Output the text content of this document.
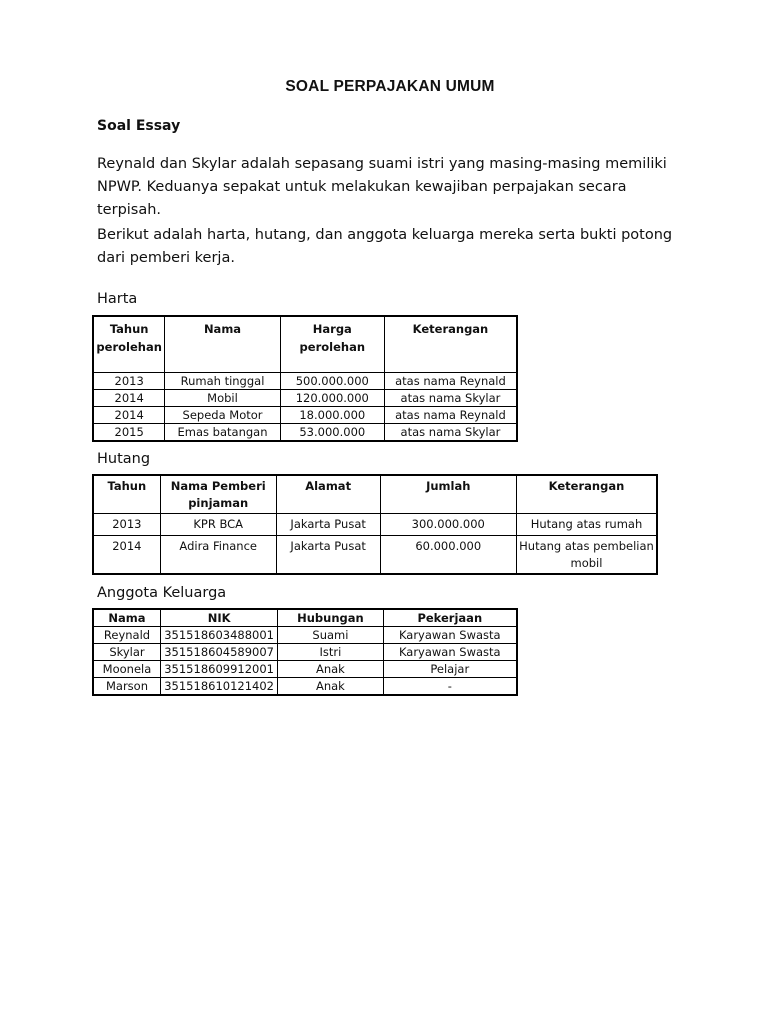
SOAL PERPAJAKAN UMUM
Soal Essay

Reynald dan Skylar adalah sepasang suami istri yang masing-masing memiliki NPWP. Keduanya sepakat untuk melakukan kewajiban perpajakan secara terpisah.

Berikut adalah harta, hutang, dan anggota keluarga mereka serta bukti potong dari pemberi kerja.

Harta
Tahun perolehan	Nama	Harga perolehan	Keterangan
2013	Rumah tinggal	500.000.000	atas nama Reynald
2014	Mobil	120.000.000	atas nama Skylar
2014	Sepeda Motor	18.000.000	atas nama Reynald
2015	Emas batangan	53.000.000	atas nama Skylar
Hutang
Tahun	Nama Pemberi pinjaman	Alamat	Jumlah	Keterangan
2013	KPR BCA	Jakarta Pusat	300.000.000	Hutang atas rumah
2014	Adira Finance	Jakarta Pusat	60.000.000	Hutang atas pembelian mobil
Anggota Keluarga
Nama	NIK	Hubungan	Pekerjaan
Reynald	351518603488001	Suami	Karyawan Swasta
Skylar	351518604589007	Istri	Karyawan Swasta
Moonela	351518609912001	Anak	Pelajar
Marson	351518610121402	Anak	-
